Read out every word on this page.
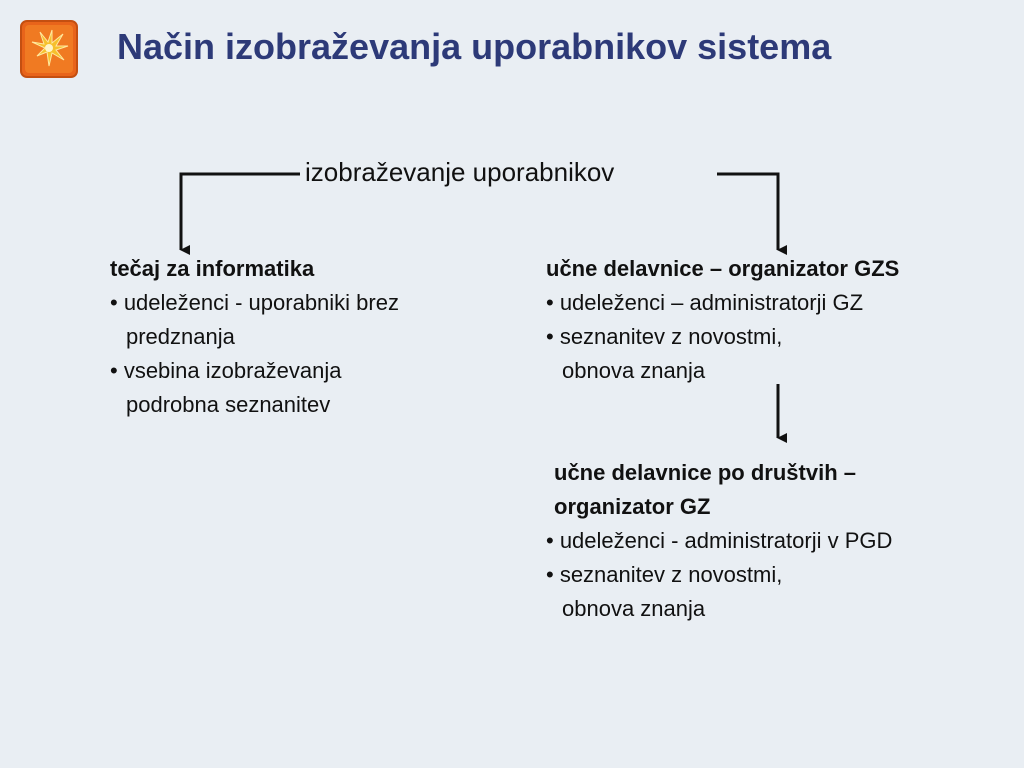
Način izobraževanja uporabnikov sistema
izobraževanje uporabnikov
tečaj za informatika
• udeleženci - uporabniki brez
predznanja
• vsebina izobraževanja
podrobna seznanitev
učne delavnice – organizator GZS
• udeleženci – administratorji GZ
• seznanitev z novostmi,
obnova znanja
učne delavnice po društvih –
organizator GZ
• udeleženci - administratorji v PGD
• seznanitev z novostmi,
obnova znanja
